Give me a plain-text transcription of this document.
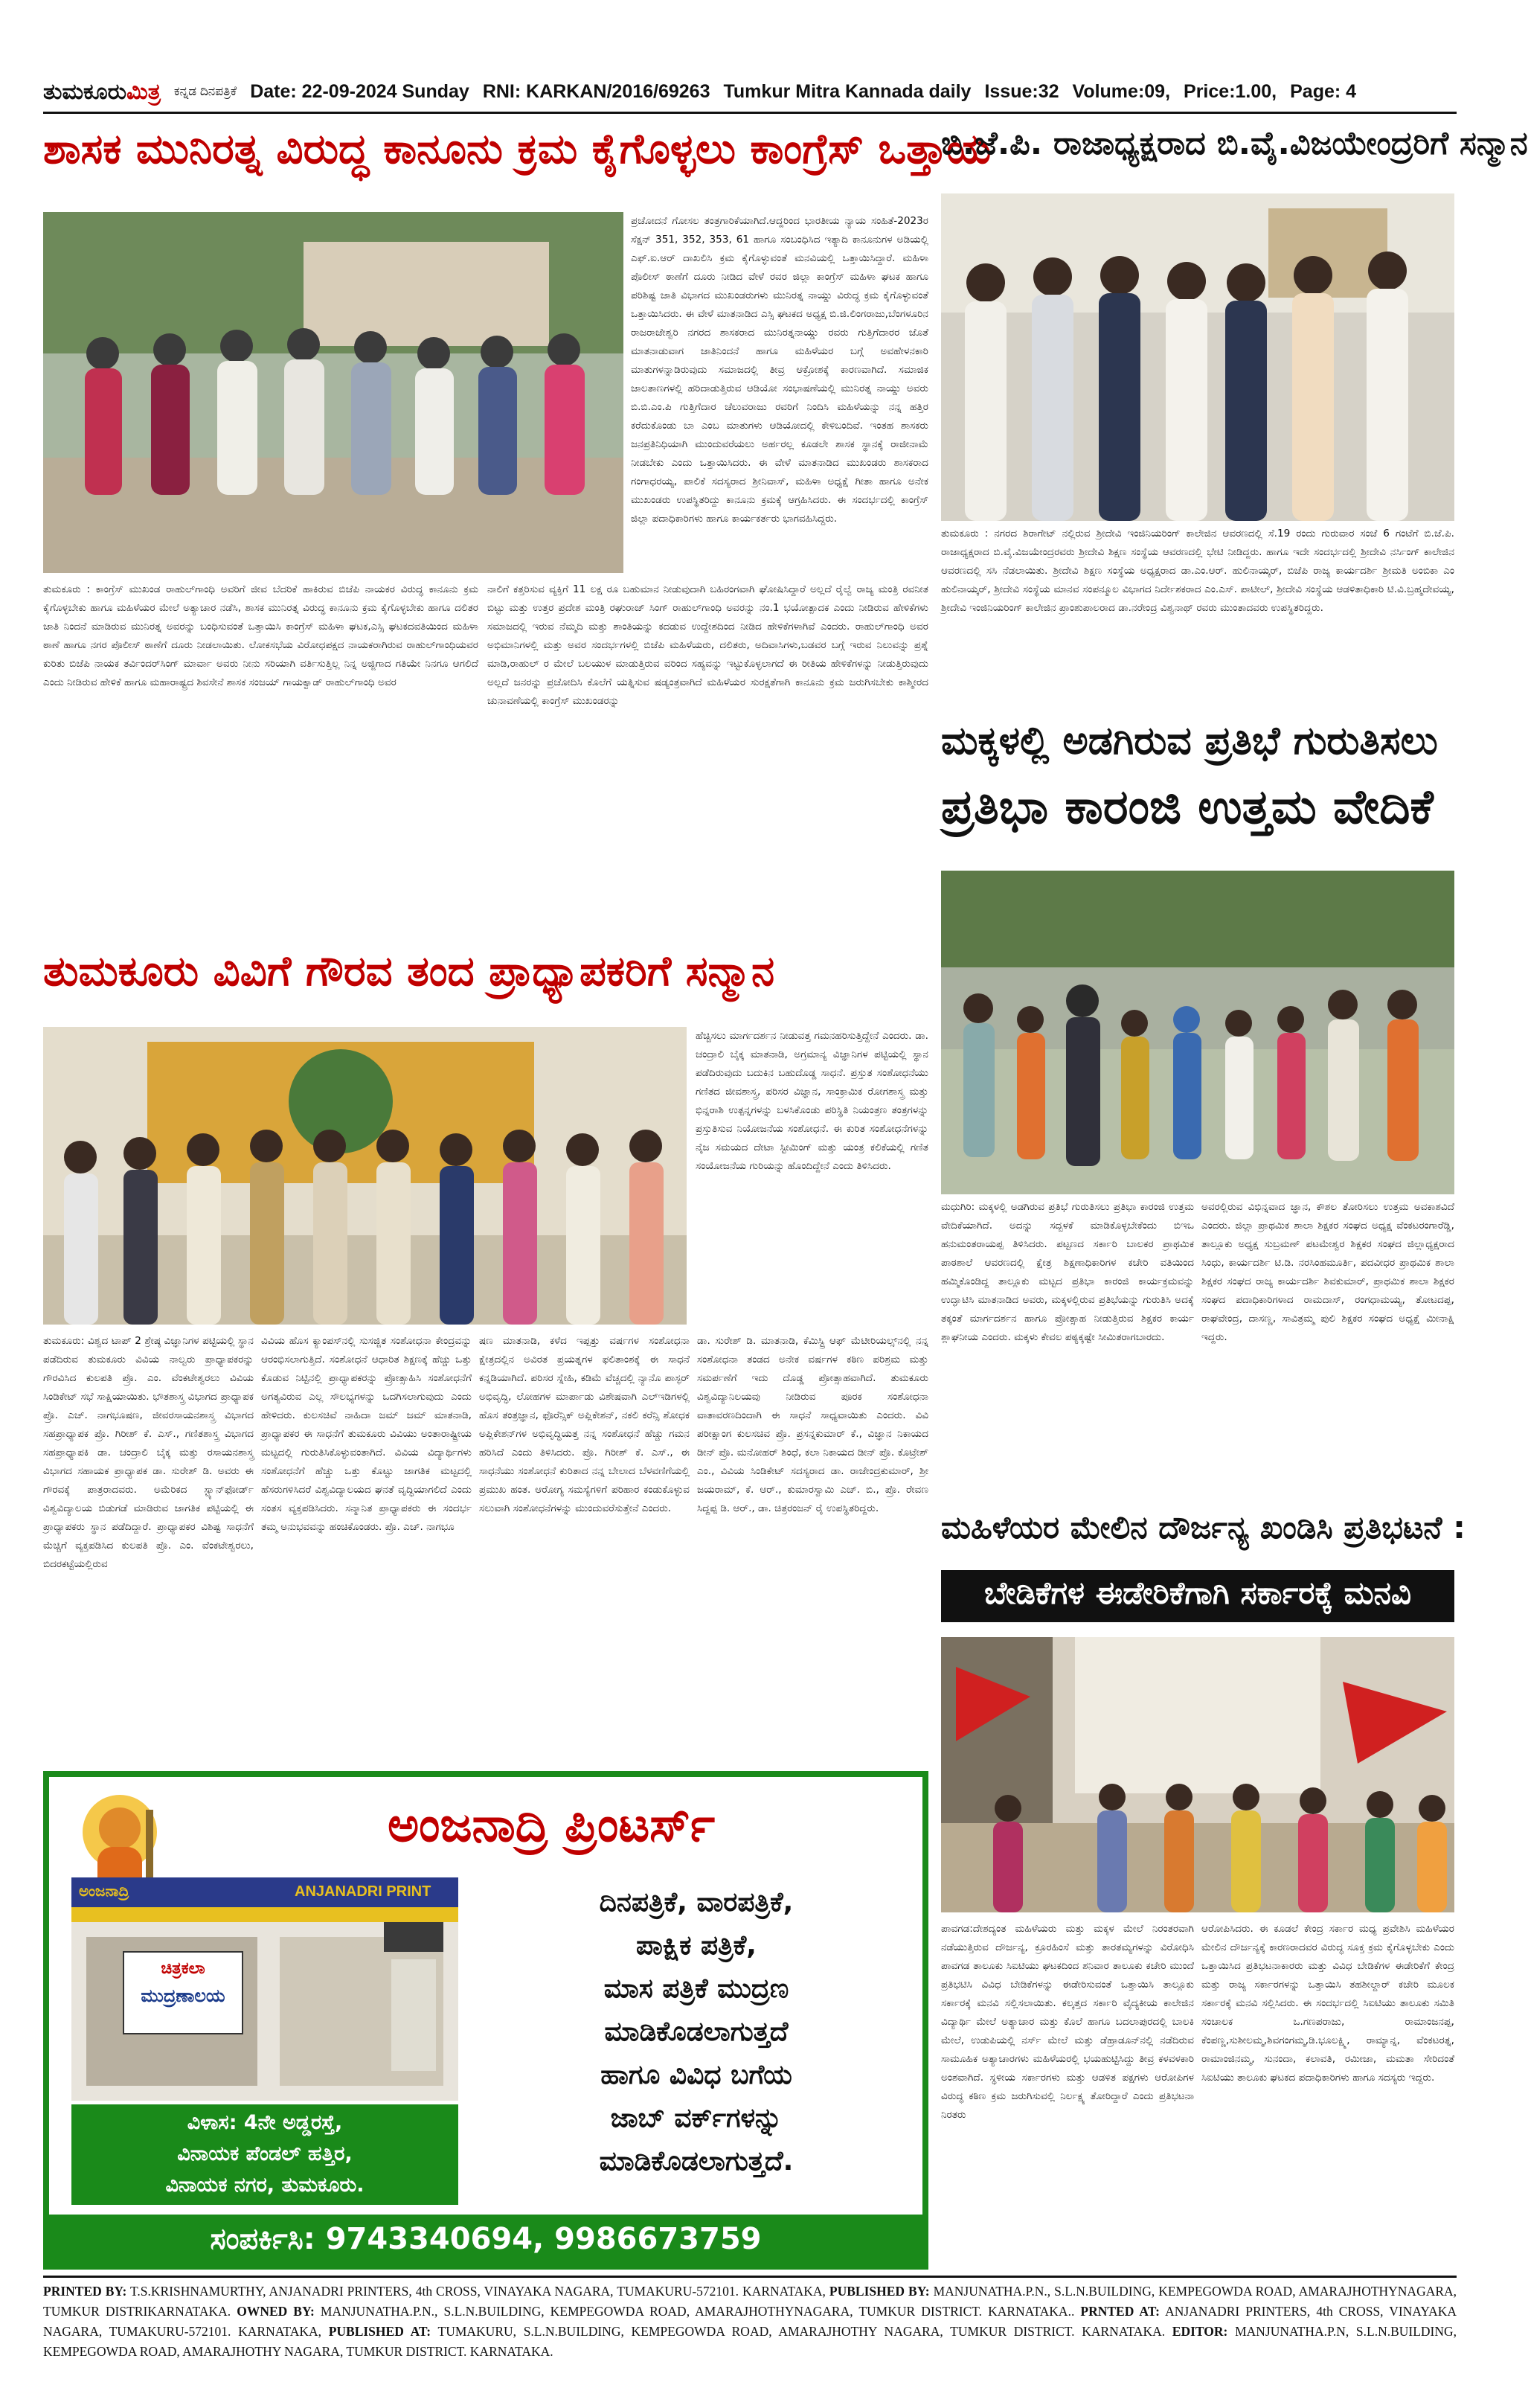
ತುಮಕೂರುಮಿತ್ರ ಕನ್ನಡ ದಿನಪತ್ರಿಕೆ Date: 22-09-2024 Sunday RNI: KARKAN/2016/69263 Tumkur Mitra Kannada daily Issue:32 Volume:09, Price:1.00, Page: 4
ಶಾಸಕ ಮುನಿರತ್ನ ವಿರುದ್ಧ ಕಾನೂನು ಕ್ರಮ ಕೈಗೊಳ್ಳಲು ಕಾಂಗ್ರೆಸ್ ಒತ್ತಾಯ
ಪ್ರಚೋದನೆ ಗೋಸಲ ತಂತ್ರಗಾರಿಕೆಯಾಗಿದೆ.ಆದ್ದರಿಂದ ಭಾರತೀಯ ನ್ಯಾಯ ಸಂಹಿತೆ-2023ರ ಸೆಕ್ಷನ್ 351, 352, 353, 61 ಹಾಗೂ ಸಂಬಂಧಿಸಿದ ಇತ್ಯಾದಿ ಕಾನೂನುಗಳ ಅಡಿಯಲ್ಲಿ ಎಫ್.ಐ.ಆರ್ ದಾಖಲಿಸಿ ಕ್ರಮ ಕೈಗೊಳ್ಳುವಂತೆ ಮನವಿಯಲ್ಲಿ ಒತ್ತಾಯಿಸಿದ್ದಾರೆ. ಮಹಿಳಾ ಪೊಲೀಸ್ ಠಾಣೆಗೆ ದೂರು ನೀಡಿದ ವೇಳೆ ರವರ ಜಿಲ್ಲಾ ಕಾಂಗ್ರೆಸ್ ಮಹಿಳಾ ಘಟಕ ಹಾಗೂ ಪರಿಶಿಷ್ಟ ಜಾತಿ ವಿಭಾಗದ ಮುಖಂಡರುಗಳು ಮುನಿರತ್ನ ನಾಯ್ಡು ವಿರುದ್ಧ ಕ್ರಮ ಕೈಗೊಳ್ಳುವಂತೆ ಒತ್ತಾಯಿಸಿದರು. ಈ ವೇಳೆ ಮಾತನಾಡಿದ ಎಸ್ಸಿ ಘಟಕದ ಅಧ್ಯಕ್ಷ ಬಿ.ಜಿ.ಲಿಂಗರಾಜು,ಬೆಂಗಳೂರಿನ ರಾಜರಾಜೇಶ್ವರಿ ನಗರದ ಶಾಸಕರಾದ ಮುನಿರತ್ನನಾಯ್ಡು ರವರು ಗುತ್ತಿಗೆದಾರರ ಜೊತೆ ಮಾತನಾಡುವಾಗ ಜಾತಿನಿಂದನೆ ಹಾಗೂ ಮಹಿಳೆಯರ ಬಗ್ಗೆ ಅವಹೇಳನಕಾರಿ ಮಾತುಗಳನ್ನಾಡಿರುವುದು ಸಮಾಜದಲ್ಲಿ ತೀವ್ರ ಆಕ್ರೋಶಕ್ಕೆ ಕಾರಣವಾಗಿದೆ. ಸಮಾಜಿಕ ಜಾಲತಾಣಗಳಲ್ಲಿ ಹರಿದಾಡುತ್ತಿರುವ ಆಡಿಯೋ ಸಂಭಾಷಣೆಯಲ್ಲಿ ಮುನಿರತ್ನ ನಾಯ್ಡು ಅವರು ಬಿ.ಬಿ.ಎಂ.ಪಿ ಗುತ್ತಿಗೆದಾರ ಚೆಲುವರಾಜು ರವರಿಗೆ ನಿಂದಿಸಿ ಮಹಿಳೆಯನ್ನು ನನ್ನ ಹತ್ತಿರ ಕರೆದುಕೊಂಡು ಬಾ ಎಂಬ ಮಾತುಗಳು ಆಡಿಯೋದಲ್ಲಿ ಕೇಳಿಬಂದಿವೆ. ಇಂತಹ ಶಾಸಕರು ಜನಪ್ರತಿನಿಧಿಯಾಗಿ ಮುಂದುವರೆಯಲು ಅರ್ಹರಲ್ಲ ಕೂಡಲೇ ಶಾಸಕ ಸ್ಥಾನಕ್ಕೆ ರಾಜೀನಾಮೆ ನೀಡಬೇಕು ಎಂದು ಒತ್ತಾಯಿಸಿದರು. ಈ ವೇಳೆ ಮಾತನಾಡಿದ ಮುಖಂಡರು ಶಾಸಕರಾದ ಗಂಗಾಧರಯ್ಯ, ಪಾಲಿಕೆ ಸದಸ್ಯರಾದ ಶ್ರೀನಿವಾಸ್, ಮಹಿಳಾ ಅಧ್ಯಕ್ಷೆ ಗೀತಾ ಹಾಗೂ ಅನೇಕ ಮುಖಂಡರು ಉಪಸ್ಥಿತರಿದ್ದು ಕಾನೂನು ಕ್ರಮಕ್ಕೆ ಆಗ್ರಹಿಸಿದರು. ಈ ಸಂದರ್ಭದಲ್ಲಿ ಕಾಂಗ್ರೆಸ್ ಜಿಲ್ಲಾ ಪದಾಧಿಕಾರಿಗಳು ಹಾಗೂ ಕಾರ್ಯಕರ್ತರು ಭಾಗವಹಿಸಿದ್ದರು.
ತುಮಕೂರು : ಕಾಂಗ್ರೆಸ್ ಮುಖಂಡ ರಾಹುಲ್‌ಗಾಂಧಿ ಅವರಿಗೆ ಜೀವ ಬೆದರಿಕೆ ಹಾಕಿರುವ ಬಿಜೆಪಿ ನಾಯಕರ ವಿರುದ್ಧ ಕಾನೂನು ಕ್ರಮ ಕೈಗೊಳ್ಳಬೇಕು ಹಾಗೂ ಮಹಿಳೆಯರ ಮೇಲೆ ಅತ್ಯಾಚಾರ ನಡೆಸಿ, ಶಾಸಕ ಮುನಿರತ್ನ ವಿರುದ್ಧ ಕಾನೂನು ಕ್ರಮ ಕೈಗೊಳ್ಳಬೇಕು ಹಾಗೂ ದಲಿತರ ಜಾತಿ ನಿಂದನೆ ಮಾಡಿರುವ ಮುನಿರತ್ನ ಅವರನ್ನು ಬಂಧಿಸುವಂತೆ ಒತ್ತಾಯಿಸಿ ಕಾಂಗ್ರೆಸ್ ಮಹಿಳಾ ಘಟಕ,ಎಸ್ಸಿ ಘಟಕದವತಿಯಿಂದ ಮಹಿಳಾ ಠಾಣೆ ಹಾಗೂ ನಗರ ಪೊಲೀಸ್ ಠಾಣೆಗೆ ದೂರು ನೀಡಲಾಯಿತು. ಲೋಕಸಭೆಯ ವಿರೋಧಪಕ್ಷದ ನಾಯಕರಾಗಿರುವ ರಾಹುಲ್‌ಗಾಂಧಿಯವರ ಕುರಿತು ಬಿಜೆಪಿ ನಾಯಕ ತರ್ವಿಂದರ್‌ಸಿಂಗ್ ಮಾರ್ವಾ ಅವರು ನೀನು ಸರಿಯಾಗಿ ವರ್ತಿಸುತ್ತಿಲ್ಲ ನಿನ್ನ ಅಜ್ಜಿಗಾದ ಗತಿಯೇ ನಿನಗೂ ಆಗಲಿದೆ ಎಂದು ನೀಡಿರುವ ಹೇಳಿಕೆ ಹಾಗೂ ಮಹಾರಾಷ್ಟ್ರದ ಶಿವಸೇನೆ ಶಾಸಕ ಸಂಜಯ್ ಗಾಯಕ್ವಾಡ್ ರಾಹುಲ್‌ಗಾಂಧಿ ಅವರ
ನಾಲಿಗೆ ಕತ್ತರಿಸುವ ವ್ಯಕ್ತಿಗೆ 11 ಲಕ್ಷ ರೂ ಬಹುಮಾನ ನೀಡುವುದಾಗಿ ಬಹಿರಂಗವಾಗಿ ಘೋಷಿಸಿದ್ದಾರೆ ಅಲ್ಲದೆ ರೈಲ್ವೆ ರಾಜ್ಯ ಮಂತ್ರಿ ರವನೀತ ಬಿಟ್ಟು ಮತ್ತು ಉತ್ತರ ಪ್ರದೇಶ ಮಂತ್ರಿ ರಘುರಾಜ್ ಸಿಂಗ್ ರಾಹುಲ್‌ಗಾಂಧಿ ಅವರನ್ನು ನಂ.1 ಭಯೋತ್ಪಾದಕ ಎಂದು ನೀಡಿರುವ ಹೇಳಿಕೆಗಳು ಸಮಾಜದಲ್ಲಿ ಇರುವ ನೆಮ್ಮದಿ ಮತ್ತು ಶಾಂತಿಯನ್ನು ಕದಡುವ ಉದ್ದೇಶದಿಂದ ನೀಡಿದ ಹೇಳಿಕೆಗಳಾಗಿವೆ ಎಂದರು. ರಾಹುಲ್‌ಗಾಂಧಿ ಅವರ ಅಭಿಮಾನಿಗಳಲ್ಲಿ ಮತ್ತು ಅವರ ಸಂದರ್ಭಗಳಲ್ಲಿ ಬಿಜೆಪಿ ಮಹಿಳೆಯರು, ದಲಿತರು, ಅದಿವಾಸಿಗಳು,ಬಡವರ ಬಗ್ಗೆ ಇರುವ ನಿಲುವನ್ನು ಪ್ರಶ್ನೆ ಮಾಡಿ,ರಾಹುಲ್ ರ ಮೇಲೆ ಬಲಯುಳ ಮಾಡುತ್ತಿರುವ ವರಿಂದ ಸಹ್ಯವನ್ನು ಇಟ್ಟುಕೊಳ್ಳಲಾಗದೆ ಈ ರೀತಿಯ ಹೇಳಿಕೆಗಳನ್ನು ನೀಡುತ್ತಿರುವುದು ಅಲ್ಲದೆ ಜನರನ್ನು ಪ್ರಚೋದಿಸಿ ಕೊಲೆಗೆ ಯತ್ನಿಸುವ ಷಡ್ಯಂತ್ರವಾಗಿದೆ ಮಹಿಳೆಯರ ಸುರಕ್ಷತೆಗಾಗಿ ಕಾನೂನು ಕ್ರಮ ಜರುಗಿಸಬೇಕು ಕಾಶ್ಮೀರದ ಚುನಾವಣೆಯಲ್ಲಿ ಕಾಂಗ್ರೆಸ್ ಮುಖಂಡರನ್ನು
ಬಿ.ಜೆ.ಪಿ. ರಾಜಾಧ್ಯಕ್ಷರಾದ ಬಿ.ವೈ.ವಿಜಯೇಂದ್ರರಿಗೆ ಸನ್ಮಾನ
ತುಮಕೂರು : ನಗರದ ಶಿರಾಗೇಟ್ ನಲ್ಲಿರುವ ಶ್ರೀದೇವಿ ಇಂಜಿನಿಯರಿಂಗ್ ಕಾಲೇಜಿನ ಆವರಣದಲ್ಲಿ ಸೆ.19 ರಂದು ಗುರುವಾರ ಸಂಜೆ 6 ಗಂಟೆಗೆ ಬಿ.ಜೆ.ಪಿ. ರಾಜಾಧ್ಯಕ್ಷರಾದ ಬಿ.ವೈ.ವಿಜಯೇಂದ್ರರವರು ಶ್ರೀದೇವಿ ಶಿಕ್ಷಣ ಸಂಸ್ಥೆಯ ಆವರಣದಲ್ಲಿ ಭೇಟಿ ನೀಡಿದ್ದರು. ಹಾಗೂ ಇದೇ ಸಂದರ್ಭದಲ್ಲಿ ಶ್ರೀದೇವಿ ನರ್ಸಿಂಗ್ ಕಾಲೇಜಿನ ಆವರಣದಲ್ಲಿ ಸಸಿ ನೆಡಲಾಯಿತು. ಶ್ರೀದೇವಿ ಶಿಕ್ಷಣ ಸಂಸ್ಥೆಯ ಅಧ್ಯಕ್ಷರಾದ ಡಾ.ಎಂ.ಆರ್. ಹುಲಿನಾಯ್ಕರ್, ಬಿಜೆಪಿ ರಾಜ್ಯ ಕಾರ್ಯದರ್ಶಿ ಶ್ರೀಮತಿ ಅಂಬಿಕಾ ಎಂ ಹುಲಿನಾಯ್ಕರ್, ಶ್ರೀದೇವಿ ಸಂಸ್ಥೆಯ ಮಾನವ ಸಂಪನ್ಮೂಲ ವಿಭಾಗದ ನಿರ್ದೇಶಕರಾದ ಎಂ.ಎಸ್. ಪಾಟೀಲ್, ಶ್ರೀದೇವಿ ಸಂಸ್ಥೆಯ ಆಡಳಿತಾಧಿಕಾರಿ ಟಿ.ವಿ.ಬ್ರಹ್ಮದೇವಯ್ಯ, ಶ್ರೀದೇವಿ ಇಂಜಿನಿಯರಿಂಗ್ ಕಾಲೇಜಿನ ಪ್ರಾಂಶುಪಾಲರಾದ ಡಾ.ನರೇಂದ್ರ ವಿಶ್ವನಾಥ್ ರವರು ಮುಂತಾದವರು ಉಪಸ್ಥಿತರಿದ್ದರು.
ಮಕ್ಕಳಲ್ಲಿ ಅಡಗಿರುವ ಪ್ರತಿಭೆ ಗುರುತಿಸಲು
ಪ್ರತಿಭಾ ಕಾರಂಜಿ ಉತ್ತಮ ವೇದಿಕೆ
ಮಧುಗಿರಿ: ಮಕ್ಕಳಲ್ಲಿ ಅಡಗಿರುವ ಪ್ರತಿಭೆ ಗುರುತಿಸಲು ಪ್ರತಿಭಾ ಕಾರಂಜಿ ಉತ್ತಮ ವೇದಿಕೆಯಾಗಿದೆ. ಅದನ್ನು ಸದ್ಬಳಕೆ ಮಾಡಿಕೊಳ್ಳಬೇಕೆಂದು ಬಿಇಒ ಹನುಮಂತರಾಯಪ್ಪ ತಿಳಿಸಿದರು. ಪಟ್ಟಣದ ಸರ್ಕಾರಿ ಬಾಲಕರ ಪ್ರಾಥಮಿಕ ಪಾಠಶಾಲೆ ಆವರಣದಲ್ಲಿ ಕ್ಷೇತ್ರ ಶಿಕ್ಷಣಾಧಿಕಾರಿಗಳ ಕಚೇರಿ ವತಿಯಿಂದ ಹಮ್ಮಿಕೊಂಡಿದ್ದ ತಾಲ್ಲೂಕು ಮಟ್ಟದ ಪ್ರತಿಭಾ ಕಾರಂಜಿ ಕಾರ್ಯಕ್ರಮವನ್ನು ಉದ್ಘಾಟಿಸಿ ಮಾತನಾಡಿದ ಅವರು, ಮಕ್ಕಳಲ್ಲಿರುವ ಪ್ರತಿಭೆಯನ್ನು ಗುರುತಿಸಿ ಅದಕ್ಕೆ ತಕ್ಕಂತೆ ಮಾರ್ಗದರ್ಶನ ಹಾಗೂ ಪ್ರೋತ್ಸಾಹ ನೀಡುತ್ತಿರುವ ಶಿಕ್ಷಕರ ಕಾರ್ಯ ಶ್ಲಾಘನೀಯ ಎಂದರು. ಮಕ್ಕಳು ಕೇವಲ ಪಠ್ಯಕ್ಕಷ್ಟೇ ಸೀಮಿತರಾಗಬಾರದು.
ಅವರಲ್ಲಿರುವ ವಿಭಿನ್ನವಾದ ಜ್ಞಾನ, ಕೌಶಲ ತೋರಿಸಲು ಉತ್ತಮ ಅವಕಾಶವಿದೆ ಎಂದರು. ಜಿಲ್ಲಾ ಪ್ರಾಥಮಿಕ ಶಾಲಾ ಶಿಕ್ಷಕರ ಸಂಘದ ಅಧ್ಯಕ್ಷ ವೆಂಕಟರಂಗಾರೆಡ್ಡಿ, ತಾಲ್ಲೂಕು ಅಧ್ಯಕ್ಷ ಸುಬ್ರಮಣ್ ಪಟಮೇಶ್ವರ ಶಿಕ್ಷಕರ ಸಂಘದ ಜಿಲ್ಲಾಧ್ಯಕ್ಷರಾದ ಸಿಂಧು, ಕಾರ್ಯದರ್ಶಿ ಟಿ.ಡಿ. ನರಸಿಂಹಮೂರ್ತಿ, ಪದವೀಧರ ಪ್ರಾಥಮಿಕ ಶಾಲಾ ಶಿಕ್ಷಕರ ಸಂಘದ ರಾಜ್ಯ ಕಾರ್ಯದರ್ಶಿ ಶಿವಕುಮಾರ್, ಪ್ರಾಥಮಿಕ ಶಾಲಾ ಶಿಕ್ಷಕರ ಸಂಘದ ಪದಾಧಿಕಾರಿಗಳಾದ ರಾಮದಾಸ್, ರಂಗಧಾಮಯ್ಯ, ತೋಟದಪ್ಪ, ರಾಘವೇಂದ್ರ, ದಾಸಣ್ಣ, ಸಾವಿತ್ರಮ್ಮ ಪುಲಿ ಶಿಕ್ಷಕರ ಸಂಘದ ಅಧ್ಯಕ್ಷೆ ಮೀನಾಕ್ಷಿ ಇದ್ದರು.
ತುಮಕೂರು ವಿವಿಗೆ ಗೌರವ ತಂದ ಪ್ರಾಧ್ಯಾಪಕರಿಗೆ ಸನ್ಮಾನ
ಹೆಚ್ಚಿಸಲು ಮಾರ್ಗದರ್ಶನ ನೀಡುವತ್ತ ಗಮನಹರಿಸುತ್ತಿದ್ದೇನೆ ಎಂದರು. ಡಾ. ಚಂದ್ರಾಲಿ ಬೈಕ್ಕ ಮಾತನಾಡಿ, ಅಗ್ರಮಾನ್ಯ ವಿಜ್ಞಾನಿಗಳ ಪಟ್ಟಿಯಲ್ಲಿ ಸ್ಥಾನ ಪಡೆದಿರುವುದು ಬದುಕಿನ ಬಹುದೊಡ್ಡ ಸಾಧನೆ. ಪ್ರಸ್ತುತ ಸಂಶೋಧನೆಯು ಗಣಿತದ ಜೀವಶಾಸ್ತ್ರ, ಪರಿಸರ ವಿಜ್ಞಾನ, ಸಾಂಕ್ರಾಮಿಕ ರೋಗಶಾಸ್ತ್ರ ಮತ್ತು ಭಿನ್ನರಾಶಿ ಉತ್ಪನ್ನಗಳನ್ನು ಬಳಸಿಕೊಂಡು ಪರಿಸ್ಥಿತಿ ನಿಯಂತ್ರಣ ತಂತ್ರಗಳನ್ನು ಪ್ರಸ್ತುತಿಸುವ ನಿಯೋಜನೆಯ ಸಂಶೋಧನೆ. ಈ ಕುರಿತ ಸಂಶೋಧನೆಗಳನ್ನು ನೈಜ ಸಮಯದ ದೇಟಾ ಸ್ಟೀಮಿಂಗ್ ಮತ್ತು ಯಂತ್ರ ಕಲಿಕೆಯಲ್ಲಿ ಗಣಿತ ಸಂಯೋಜನೆಯ ಗುರಿಯನ್ನು ಹೊಂದಿದ್ದೇನೆ ಎಂದು ತಿಳಿಸಿದರು.
ತುಮಕೂರು: ವಿಶ್ವದ ಟಾಪ್ 2 ಶ್ರೇಷ್ಠ ವಿಜ್ಞಾನಿಗಳ ಪಟ್ಟಿಯಲ್ಲಿ ಸ್ಥಾನ ಪಡೆದಿರುವ ತುಮಕೂರು ವಿವಿಯ ನಾಲ್ವರು ಪ್ರಾಧ್ಯಾಪಕರನ್ನು ಗೌರವಿಸಿದ ಕುಲಪತಿ ಪ್ರೊ. ಎಂ. ವೆಂಕಟೇಶ್ವರಲು ವಿವಿಯ ಸಿಂಡಿಕೇಟ್ ಸಭೆ ಸಾಕ್ಷಿಯಾಯಿತು. ಭೌತಶಾಸ್ತ್ರ ವಿಭಾಗದ ಪ್ರಾಧ್ಯಾಪಕ ಪ್ರೊ. ಎಚ್. ನಾಗಭೂಷಣ, ಜೀವರಸಾಯನಶಾಸ್ತ್ರ ವಿಭಾಗದ ಸಹಪ್ರಾಧ್ಯಾಪಕ ಪ್ರೊ. ಗಿರೀಶ್ ಕೆ. ಎಸ್., ಗಣಿತಶಾಸ್ತ್ರ ವಿಭಾಗದ ಸಹಪ್ರಾಧ್ಯಾಪಕಿ ಡಾ. ಚಂದ್ರಾಲಿ ಬೈಕ್ಕ ಮತ್ತು ರಸಾಯನಶಾಸ್ತ್ರ ವಿಭಾಗದ ಸಹಾಯಕ ಪ್ರಾಧ್ಯಾಪಕ ಡಾ. ಸುರೇಶ್ ಡಿ. ಅವರು ಈ ಗೌರವಕ್ಕೆ ಪಾತ್ರರಾದವರು. ಅಮೆರಿಕದ ಸ್ಟ್ಯಾನ್‌ಫೋರ್ಡ್ ವಿಶ್ವವಿದ್ಯಾಲಯ ಬಿಡುಗಡೆ ಮಾಡಿರುವ ಜಾಗತಿಕ ಪಟ್ಟಿಯಲ್ಲಿ ಈ ಪ್ರಾಧ್ಯಾಪಕರು ಸ್ಥಾನ ಪಡೆದಿದ್ದಾರೆ. ಪ್ರಾಧ್ಯಾಪಕರ ವಿಶಿಷ್ಟ ಸಾಧನೆಗೆ ಮೆಚ್ಚಿಗೆ ವ್ಯಕ್ತಪಡಿಸಿದ ಕುಲಪತಿ ಪ್ರೊ. ಎಂ. ವೆಂಕಟೇಶ್ವರಲು, ಬಿದರಕಟ್ಟೆಯಲ್ಲಿರುವ
ವಿವಿಯ ಹೊಸ ಕ್ಯಾಂಪಸ್‌ನಲ್ಲಿ ಸುಸಜ್ಜಿತ ಸಂಶೋಧನಾ ಕೇಂದ್ರವನ್ನು ಆರಂಭಿಸಲಾಗುತ್ತಿದೆ. ಸಂಶೋಧನೆ ಆಧಾರಿತ ಶಿಕ್ಷಣಕ್ಕೆ ಹೆಚ್ಚು ಒತ್ತು ಕೊಡುವ ನಿಟ್ಟಿನಲ್ಲಿ ಪ್ರಾಧ್ಯಾಪಕರನ್ನು ಪ್ರೋತ್ಸಾಹಿಸಿ ಸಂಶೋಧನೆಗೆ ಅಗತ್ಯವಿರುವ ಎಲ್ಲ ಸೌಲಭ್ಯಗಳನ್ನು ಒದಗಿಸಲಾಗುವುದು ಎಂದು ಹೇಳಿದರು. ಕುಲಸಚಿವೆ ನಾಹಿದಾ ಜಮ್ ಜಮ್ ಮಾತನಾಡಿ, ಪ್ರಾಧ್ಯಾಪಕರ ಈ ಸಾಧನೆಗೆ ತುಮಕೂರು ವಿವಿಯು ಅಂತಾರಾಷ್ಟ್ರೀಯ ಮಟ್ಟದಲ್ಲಿ ಗುರುತಿಸಿಕೊಳ್ಳುವಂತಾಗಿದೆ. ವಿವಿಯ ವಿದ್ಯಾರ್ಥಿಗಳು ಸಂಶೋಧನೆಗೆ ಹೆಚ್ಚು ಒತ್ತು ಕೊಟ್ಟು ಜಾಗತಿಕ ಮಟ್ಟದಲ್ಲಿ ಹೆಸರುಗಳಿಸಿದರೆ ವಿಶ್ವವಿದ್ಯಾಲಯದ ಘನತೆ ವೃದ್ಧಿಯಾಗಲಿದೆ ಎಂದು ಸಂತಸ ವ್ಯಕ್ತಪಡಿಸಿದರು. ಸನ್ಮಾನಿತ ಪ್ರಾಧ್ಯಾಪಕರು ಈ ಸಂದರ್ಭ ತಮ್ಮ ಅನುಭವವನ್ನು ಹಂಚಿಕೊಂಡರು. ಪ್ರೊ. ಎಚ್. ನಾಗಭೂ
ಷಣ ಮಾತನಾಡಿ, ಕಳೆದ ಇಪ್ಪತ್ತು ವರ್ಷಗಳ ಸಂಶೋಧನಾ ಕ್ಷೇತ್ರದಲ್ಲಿನ ಅವಿರತ ಪ್ರಯತ್ನಗಳ ಫಲಿತಾಂಶಕ್ಕೆ ಈ ಸಾಧನೆ ಕನ್ನಡಿಯಾಗಿದೆ. ಪರಿಸರ ಸ್ನೇಹಿ, ಕಡಿಮೆ ವೆಚ್ಚದಲ್ಲಿ ನ್ಯಾನೊ ಪಾಸ್ಫರ್ ಅಭಿವೃದ್ಧಿ, ಲೋಹಗಳ ಮಾರ್ಪಾಡು ವಿಶೇಷವಾಗಿ ಎಲ್‌ಇಡಿಗಳಲ್ಲಿ ಹೊಸ ತಂತ್ರಜ್ಞಾನ, ಫೊರೆನ್ಸಿಕ್ ಅಪ್ಲಿಕೇಶನ್, ನಕಲಿ ಕರೆನ್ಸಿ ಶೋಧಕ ಅಪ್ಲಿಕೇಶನ್‌ಗಳ ಅಭಿವೃದ್ಧಿಯತ್ತ ನನ್ನ ಸಂಶೋಧನೆ ಹೆಚ್ಚು ಗಮನ ಹರಿಸಿದೆ ಎಂದು ತಿಳಿಸಿದರು. ಪ್ರೊ. ಗಿರೀಶ್ ಕೆ. ಎಸ್., ಈ ಸಾಧನೆಯು ಸಂಶೋಧನೆ ಕುರಿತಾದ ನನ್ನ ಬೇಲಾದ ಬೆಳವಣಿಗೆಯಲ್ಲಿ ಪ್ರಮುಖ ಹಂತ. ಆರೋಗ್ಯ ಸಮಸ್ಯೆಗಳಿಗೆ ಪರಿಹಾರ ಕಂಡುಕೊಳ್ಳುವ ಸಲುವಾಗಿ ಸಂಶೋಧನೆಗಳನ್ನು ಮುಂದುವರೆಸುತ್ತೇನೆ ಎಂದರು.
ಡಾ. ಸುರೇಶ್ ಡಿ. ಮಾತನಾಡಿ, ಕೆಮಿಸ್ಟ್ರಿ ಆಫ್ ಮೆಟೀರಿಯಲ್ಸ್‌ನಲ್ಲಿ ನನ್ನ ಸಂಶೋಧನಾ ತಂಡದ ಅನೇಕ ವರ್ಷಗಳ ಕಠಿಣ ಪರಿಶ್ರಮ ಮತ್ತು ಸಮರ್ಪಣೆಗೆ ಇದು ದೊಡ್ಡ ಪ್ರೋತ್ಸಾಹವಾಗಿದೆ. ತುಮಕೂರು ವಿಶ್ವವಿದ್ಯಾನಿಲಯವು ನೀಡಿರುವ ಪೂರಕ ಸಂಶೋಧನಾ ವಾತಾವರಣದಿಂದಾಗಿ ಈ ಸಾಧನೆ ಸಾಧ್ಯವಾಯಿತು ಎಂದರು. ವಿವಿ ಪರೀಕ್ಷಾಂಗ ಕುಲಸಚಿವ ಪ್ರೊ. ಪ್ರಸನ್ನಕುಮಾರ್ ಕೆ., ವಿಜ್ಞಾನ ನಿಕಾಯದ ಡೀನ್ ಪ್ರೊ. ಮನೋಹರ್ ಶಿಂಧೆ, ಕಲಾ ನಿಕಾಯದ ಡೀನ್ ಪ್ರೊ. ಕೊಟ್ರೇಶ್ ಎಂ., ವಿವಿಯ ಸಿಂಡಿಕೇಟ್ ಸದಸ್ಯರಾದ ಡಾ. ರಾಜೇಂದ್ರಕುಮಾರ್, ಶ್ರೀ ಜಯರಾಮ್, ಕೆ. ಆರ್., ಕುಮಾರಸ್ವಾಮಿ ಎಚ್. ಬಿ., ಪ್ರೊ. ರೇವಣ ಸಿದ್ದಪ್ಪ ಡಿ. ಆರ್., ಡಾ. ಚಿತ್ರರಂಜನ್ ರೈ ಉಪಸ್ಥಿತರಿದ್ದರು.
ಮಹಿಳೆಯರ ಮೇಲಿನ ದೌರ್ಜನ್ಯ ಖಂಡಿಸಿ ಪ್ರತಿಭಟನೆ :
ಬೇಡಿಕೆಗಳ ಈಡೇರಿಕೆಗಾಗಿ ಸರ್ಕಾರಕ್ಕೆ ಮನವಿ
ಪಾವಗಡ:ದೇಶದ್ಯಂತ ಮಹಿಳೆಯರು ಮತ್ತು ಮಕ್ಕಳ ಮೇಲೆ ನಿರಂತರವಾಗಿ ನಡೆಯುತ್ತಿರುವ ದೌರ್ಜನ್ಯ, ಕ್ರೂರಹಿಂಸೆ ಮತ್ತು ತಾರತಮ್ಯಗಳನ್ನು ವಿರೋಧಿಸಿ ಪಾವಗಡ ತಾಲೂಕು ಸಿಐಟಿಯು ಘಟಕದಿಂದ ಶನಿವಾರ ತಾಲೂಕು ಕಚೇರಿ ಮುಂದೆ ಪ್ರತಿಭಟಿಸಿ ವಿವಿಧ ಬೇಡಿಕೆಗಳನ್ನು ಈಡೇರಿಸುವಂತೆ ಒತ್ತಾಯಿಸಿ ತಾಲ್ಲೂಕು ಸರ್ಕಾರಕ್ಕೆ ಮನವಿ ಸಲ್ಲಿಸಲಾಯಿತು. ಕಲ್ಕತ್ತದ ಸರ್ಕಾರಿ ವೈದ್ಯಕೀಯ ಕಾಲೇಜಿನ ವಿದ್ಯಾರ್ಥಿ ಮೇಲೆ ಅತ್ಯಾಚಾರ ಮತ್ತು ಕೊಲೆ ಹಾಗೂ ಬದಲಾಪುರದಲ್ಲಿ ಬಾಲಕಿ ಮೇಲೆ, ಉಡುಪಿಯಲ್ಲಿ ನರ್ಸ್ ಮೇಲೆ ಮತ್ತು ಡೆಹ್ರಾಡೂನ್‌ನಲ್ಲಿ ನಡೆದಿರುವ ಸಾಮೂಹಿಕ ಅತ್ಯಾಚಾರಗಳು ಮಹಿಳೆಯರಲ್ಲಿ ಭಯಹುಟ್ಟಿಸಿದ್ದು ತೀವ್ರ ಕಳವಳಕಾರಿ ಅಂಶವಾಗಿದೆ. ಸ್ಥಳೀಯ ಸರ್ಕಾರಗಳು ಮತ್ತು ಆಡಳಿತ ಪಕ್ಷಗಳು ಆರೋಪಿಗಳ ವಿರುದ್ಧ ಕಠಿಣ ಕ್ರಮ ಜರುಗಿಸುವಲ್ಲಿ ನಿರ್ಲಕ್ಷ್ಯ ತೋರಿದ್ದಾರೆ ಎಂದು ಪ್ರತಿಭಟನಾ ನಿರತರು
ಆರೋಪಿಸಿದರು. ಈ ಕೂಡಲೆ ಕೇಂದ್ರ ಸರ್ಕಾರ ಮಧ್ಯ ಪ್ರವೇಶಿಸಿ ಮಹಿಳೆಯರ ಮೇಲಿನ ದೌರ್ಜನ್ಯಕ್ಕೆ ಕಾರಣರಾದವರ ವಿರುದ್ಧ ಸೂಕ್ತ ಕ್ರಮ ಕೈಗೊಳ್ಳಬೇಕು ಎಂದು ಒತ್ತಾಯಿಸಿದ ಪ್ರತಿಭಟನಾಕಾರರು ಮತ್ತು ವಿವಿಧ ಬೇಡಿಕೆಗಳ ಈಡೇರಿಕೆಗೆ ಕೇಂದ್ರ ಮತ್ತು ರಾಜ್ಯ ಸರ್ಕಾರಗಳನ್ನು ಒತ್ತಾಯಿಸಿ ತಹಶೀಲ್ದಾರ್ ಕಚೇರಿ ಮೂಲಕ ಸರ್ಕಾರಕ್ಕೆ ಮನವಿ ಸಲ್ಲಿಸಿದರು. ಈ ಸಂದರ್ಭದಲ್ಲಿ ಸಿಐಟಿಯು ತಾಲೂಕು ಸಮಿತಿ ಸಂಚಾಲಕ ಒ.ಗಣಪರಾಜು, ರಾಮಾಂಜನಪ್ಪ, ಕೆಂಪಣ್ಣ,ಸುಶೀಲಮ್ಮ,ಶಿವಗಂಗಮ್ಮ,ಡಿ.ಭೂಲಕ್ಷ್ಮಿ, ರಾಮ್ಯಾನ್ನ, ವೆಂಕಟರತ್ನ, ರಾಮಾಂಜಿನಮ್ಮ, ಸುನಂದಾ, ಕಲಾವತಿ, ರಮೀಜಾ, ಮಮತಾ ಸೇರಿದಂತೆ ಸಿಐಟಿಯು ತಾಲೂಕು ಘಟಕದ ಪದಾಧಿಕಾರಿಗಳು ಹಾಗೂ ಸದಸ್ಯರು ಇದ್ದರು.
ಅಂಜನಾದ್ರಿ ಪ್ರಿಂಟರ್ಸ್
ಅಂಜನಾದ್ರಿ	ANJANADRI PRINT
ಚಿತ್ರಕಲಾ
ಮುದ್ರಣಾಲಯ
ವಿಳಾಸ: 4ನೇ ಅಡ್ಡರಸ್ತೆ,
ವಿನಾಯಕ ಪೆಂಡಲ್ ಹತ್ತಿರ,
ವಿನಾಯಕ ನಗರ, ತುಮಕೂರು.
ದಿನಪತ್ರಿಕೆ, ವಾರಪತ್ರಿಕೆ,
ಪಾಕ್ಷಿಕ ಪತ್ರಿಕೆ,
ಮಾಸ ಪತ್ರಿಕೆ ಮುದ್ರಣ
ಮಾಡಿಕೊಡಲಾಗುತ್ತದೆ
ಹಾಗೂ ವಿವಿಧ ಬಗೆಯ
ಜಾಬ್ ವರ್ಕ್‌ಗಳನ್ನು
ಮಾಡಿಕೊಡಲಾಗುತ್ತದೆ.
ಸಂಪರ್ಕಿಸಿ: 9743340694, 9986673759
PRINTED BY: T.S.KRISHNAMURTHY, ANJANADRI PRINTERS, 4th CROSS, VINAYAKA NAGARA, TUMAKURU-572101. KARNATAKA, PUBLISHED BY: MANJUNATHA.P.N., S.L.N.BUILDING, KEMPEGOWDA ROAD, AMARAJHOTHYNAGARA, TUMKUR DISTRIKARNATAKA. OWNED BY: MANJUNATHA.P.N., S.L.N.BUILDING, KEMPEGOWDA ROAD, AMARAJHOTHYNAGARA, TUMKUR DISTRICT. KARNATAKA.. PRNTED AT: ANJANADRI PRINTERS, 4th CROSS, VINAYAKA NAGARA, TUMAKURU-572101. KARNATAKA, PUBLISHED AT: TUMAKURU, S.L.N.BUILDING, KEMPEGOWDA ROAD, AMARAJHOTHY NAGARA, TUMKUR DISTRICT. KARNATAKA. EDITOR: MANJUNATHA.P.N, S.L.N.BUILDING, KEMPEGOWDA ROAD, AMARAJHOTHY NAGARA, TUMKUR DISTRICT. KARNATAKA.
